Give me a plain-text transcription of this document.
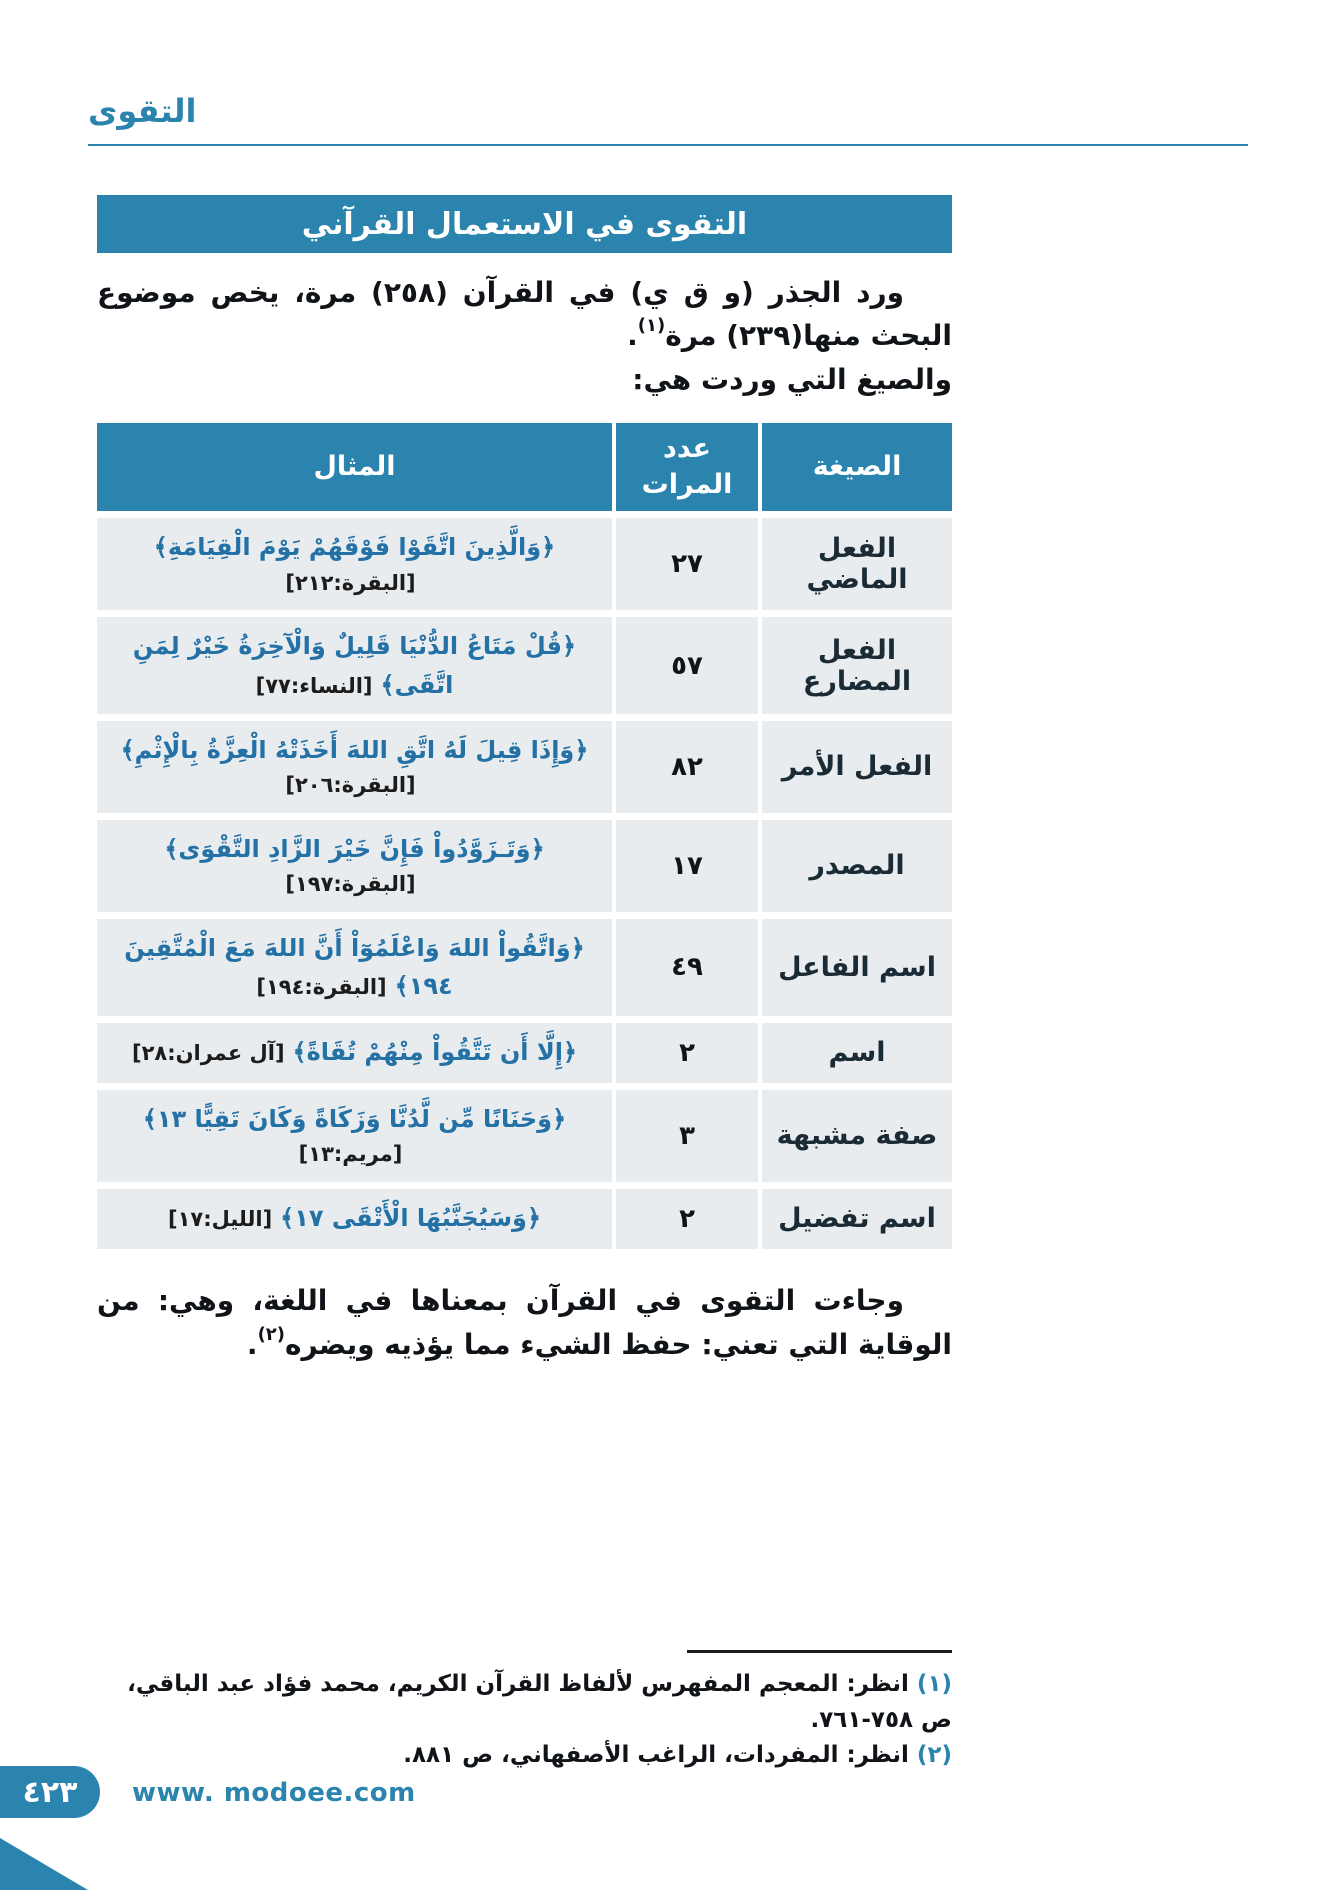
التقوى
التقوى في الاستعمال القرآني
ورد الجذر (و ق ي) في القرآن (٢٥٨) مرة، يخص موضوع البحث منها(٢٣٩) مرة$^{(١)}$.
والصيغ التي وردت هي:
الصيغة
عدد المرات
المثال
الفعل الماضي
٢٧
﴿وَالَّذِينَ اتَّقَوْا فَوْقَهُمْ يَوْمَ الْقِيَامَةِ﴾[البقرة:٢١٢]
الفعل المضارع
٥٧
﴿قُلْ مَتَاعُ الدُّنْيَا قَلِيلٌ وَالْآخِرَةُ خَيْرٌ لِمَنِ اتَّقَى﴾[النساء:٧٧]
الفعل الأمر
٨٢
﴿وَإِذَا قِيلَ لَهُ اتَّقِ اللهَ أَخَذَتْهُ الْعِزَّةُ بِالْإِثْمِ﴾[البقرة:٢٠٦]
المصدر
١٧
﴿وَتَـزَوَّدُواْ فَإِنَّ خَيْرَ الزَّادِ التَّقْوَى﴾[البقرة:١٩٧]
اسم الفاعل
٤٩
﴿وَاتَّقُواْ اللهَ وَاعْلَمُوٓاْ أَنَّ اللهَ مَعَ الْمُتَّقِينَ ١٩٤﴾[البقرة:١٩٤]
اسم
٢
﴿إِلَّا أَن تَتَّقُواْ مِنْهُمْ تُقَاةً﴾[آل عمران:٢٨]
صفة مشبهة
٣
﴿وَحَنَانًا مِّن لَّدُنَّا وَزَكَاةً وَكَانَ تَقِيًّا ١٣﴾[مريم:١٣]
اسم تفضيل
٢
﴿وَسَيُجَنَّبُهَا الْأَتْقَى ١٧﴾[الليل:١٧]
وجاءت التقوى في القرآن بمعناها في اللغة، وهي: من الوقاية التي تعني: حفظ الشيء مما يؤذيه ويضره$^{(٢)}$.
(١)انظر: المعجم المفهرس لألفاظ القرآن الكريم، محمد فؤاد عبد الباقي، ص ٧٥٨-٧٦١.
(٢)انظر: المفردات، الراغب الأصفهاني، ص ٨٨١.
٤٢٣ www. modoee.com
